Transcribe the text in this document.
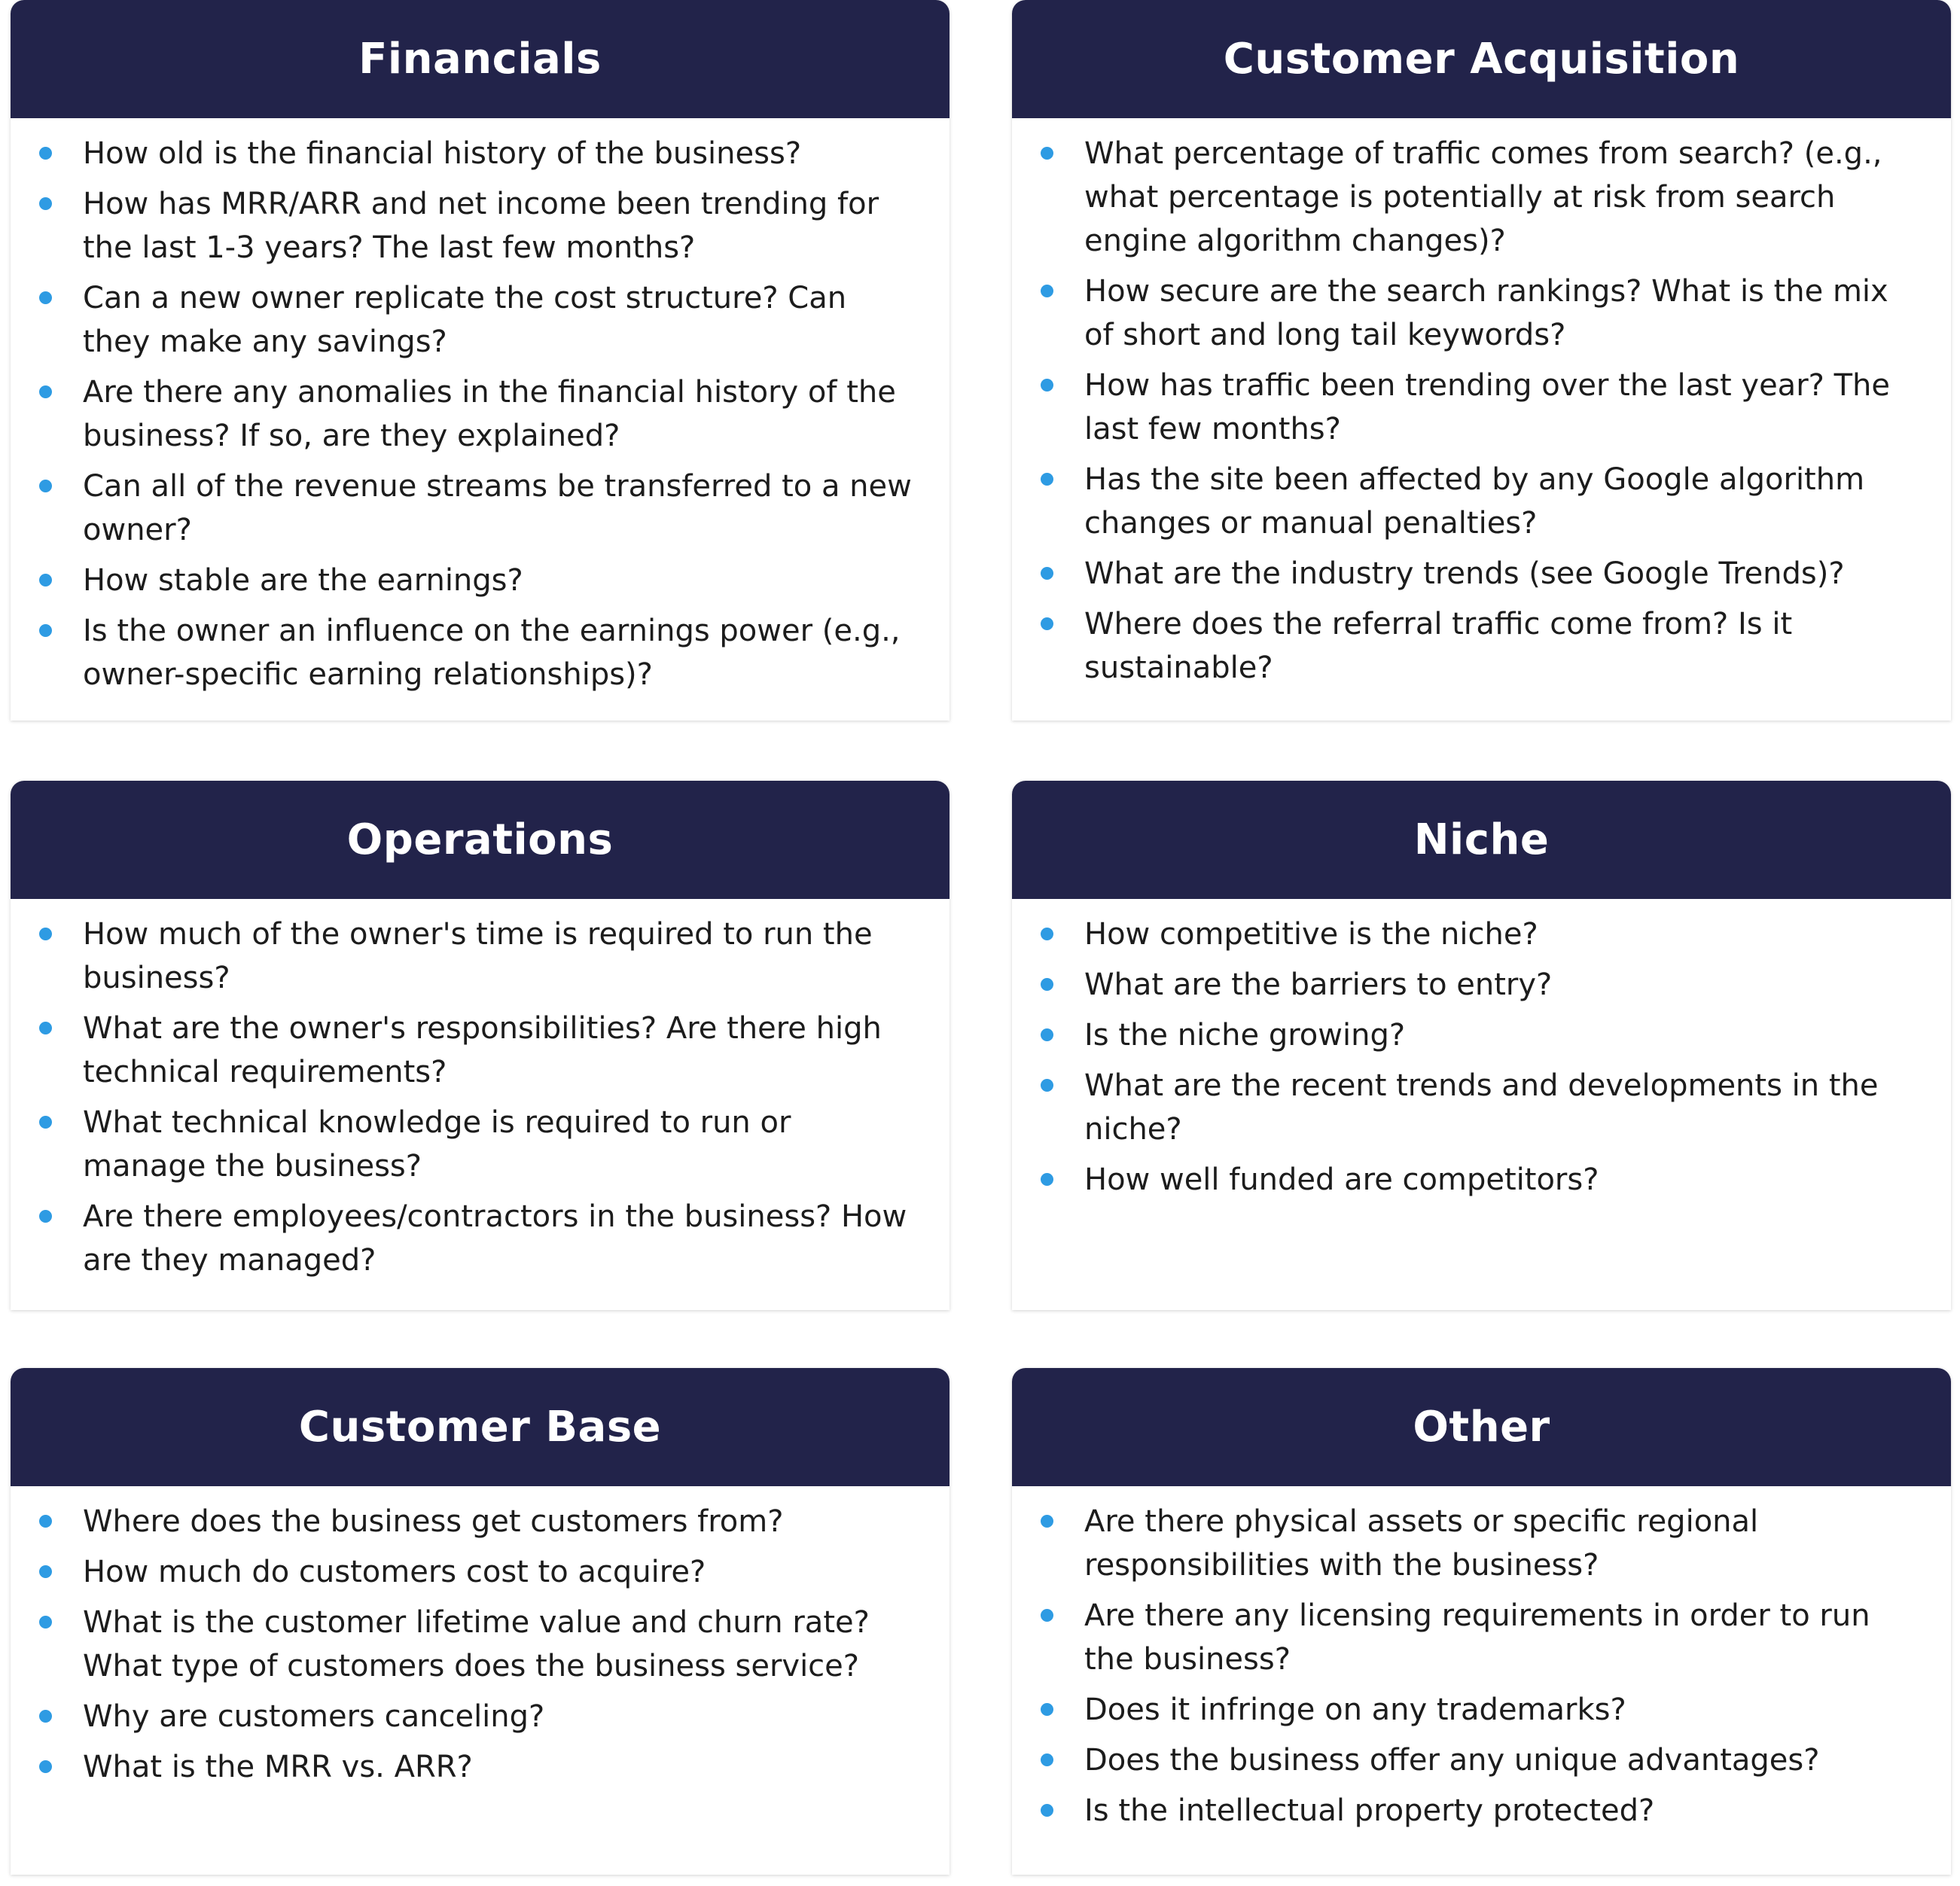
Financials
How old is the financial history of the business?
How has MRR/ARR and net income been trending for the last 1-3 years? The last few months?
Can a new owner replicate the cost structure? Can they make any savings?
Are there any anomalies in the financial history of the business? If so, are they explained?
Can all of the revenue streams be transferred to a new owner?
How stable are the earnings?
Is the owner an influence on the earnings power (e.g., owner-specific earning relationships)?
Customer Acquisition
What percentage of traffic comes from search? (e.g., what percentage is potentially at risk from search engine algorithm changes)?
How secure are the search rankings? What is the mix of short and long tail keywords?
How has traffic been trending over the last year? The last few months?
Has the site been affected by any Google algorithm changes or manual penalties?
What are the industry trends (see Google Trends)?
Where does the referral traffic come from? Is it sustainable?
Operations
How much of the owner's time is required to run the business?
What are the owner's responsibilities? Are there high technical requirements?
What technical knowledge is required to run or manage the business?
Are there employees/contractors in the business? How are they managed?
Niche
How competitive is the niche?
What are the barriers to entry?
Is the niche growing?
What are the recent trends and developments in the niche?
How well funded are competitors?
Customer Base
Where does the business get customers from?
How much do customers cost to acquire?
What is the customer lifetime value and churn rate? What type of customers does the business service?
Why are customers canceling?
What is the MRR vs. ARR?
Other
Are there physical assets or specific regional responsibilities with the business?
Are there any licensing requirements in order to run the business?
Does it infringe on any trademarks?
Does the business offer any unique advantages?
Is the intellectual property protected?
